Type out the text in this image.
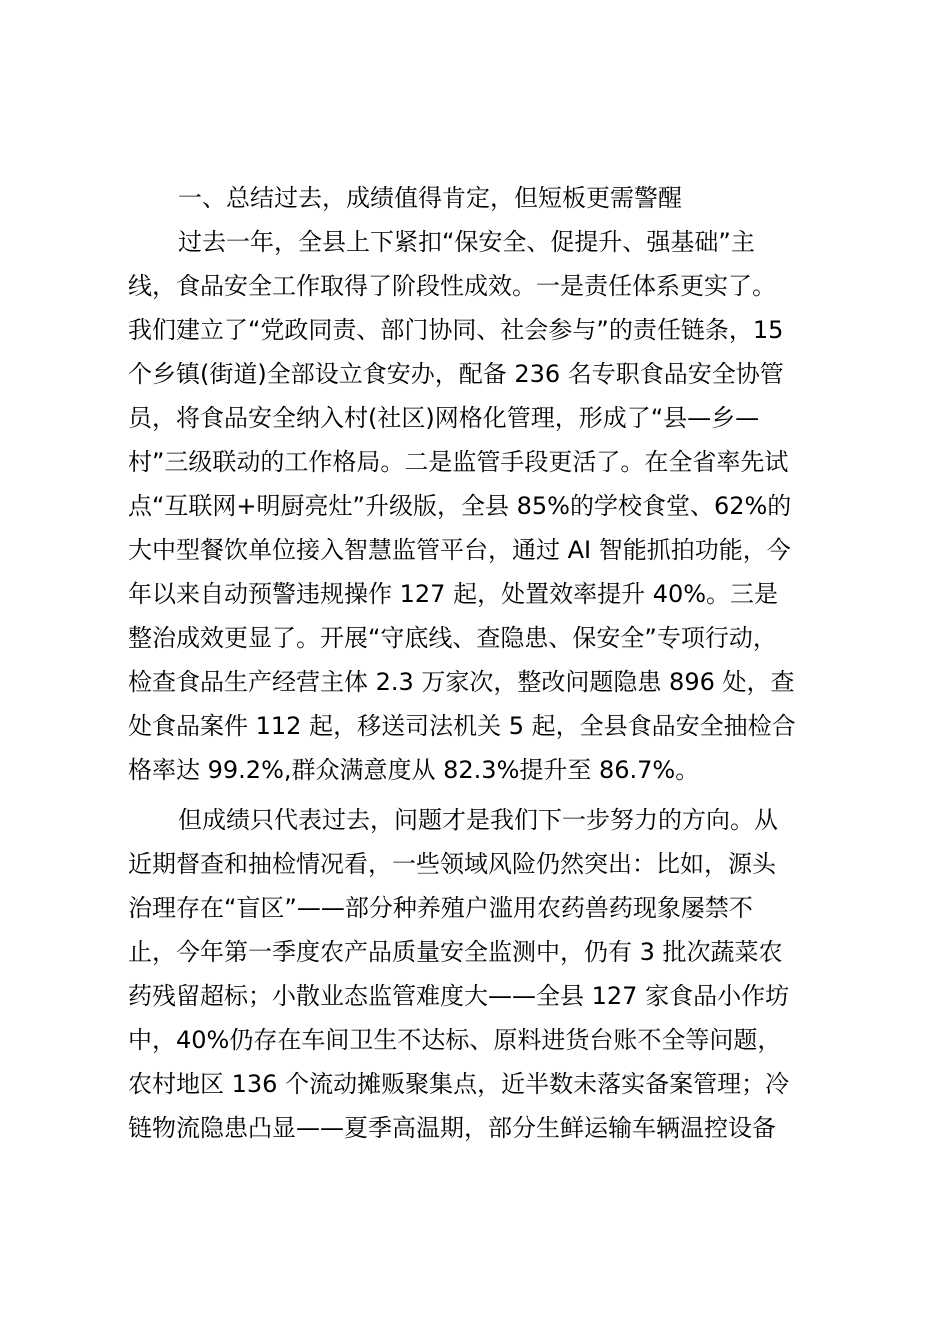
一、总结过去，成绩值得肯定，但短板更需警醒
过去一年，全县上下紧扣“保安全、促提升、强基础”主
线，食品安全工作取得了阶段性成效。一是责任体系更实了。
我们建立了“党政同责、部门协同、社会参与”的责任链条，15
个乡镇(街道)全部设立食安办，配备 236 名专职食品安全协管
员，将食品安全纳入村(社区)网格化管理，形成了“县—乡—
村”三级联动的工作格局。二是监管手段更活了。在全省率先试
点“互联网+明厨亮灶”升级版，全县 85%的学校食堂、62%的
大中型餐饮单位接入智慧监管平台，通过 AI 智能抓拍功能，今
年以来自动预警违规操作 127 起，处置效率提升 40%。三是
整治成效更显了。开展“守底线、查隐患、保安全”专项行动，
检查食品生产经营主体 2.3 万家次，整改问题隐患 896 处，查
处食品案件 112 起，移送司法机关 5 起，全县食品安全抽检合
格率达 99.2%,群众满意度从 82.3%提升至 86.7%。
但成绩只代表过去，问题才是我们下一步努力的方向。从
近期督查和抽检情况看，一些领域风险仍然突出：比如，源头
治理存在“盲区”——部分种养殖户滥用农药兽药现象屡禁不
止，今年第一季度农产品质量安全监测中，仍有 3 批次蔬菜农
药残留超标；小散业态监管难度大——全县 127 家食品小作坊
中，40%仍存在车间卫生不达标、原料进货台账不全等问题，
农村地区 136 个流动摊贩聚集点，近半数未落实备案管理；冷
链物流隐患凸显——夏季高温期，部分生鲜运输车辆温控设备
